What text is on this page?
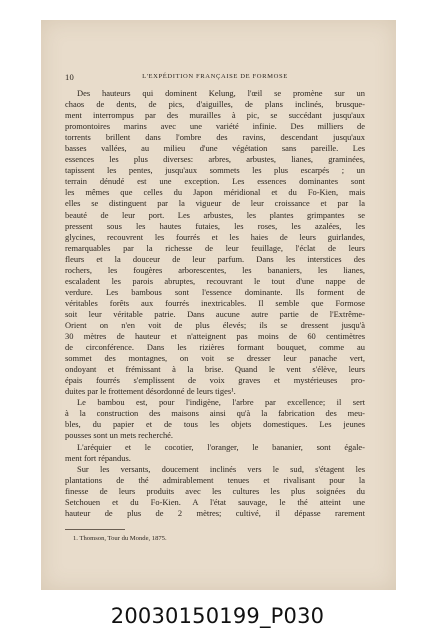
10	L'EXPÉDITION FRANÇAISE DE FORMOSE
Des hauteurs qui dominent Kelung, l'œil se promène sur un
chaos de dents, de pics, d'aiguilles, de plans inclinés, brusque-
ment interrompus par des murailles à pic, se succédant jusqu'aux
promontoires marins avec une variété infinie. Des milliers de
torrents brillent dans l'ombre des ravins, descendant jusqu'aux
basses vallées, au milieu d'une végétation sans pareille. Les
essences les plus diverses: arbres, arbustes, lianes, graminées,
tapissent les pentes, jusqu'aux sommets les plus escarpés ; un
terrain dénudé est une exception. Les essences dominantes sont
les mêmes que celles du Japon méridional et du Fo-Kien, mais
elles se distinguent par la vigueur de leur croissance et par la
beauté de leur port. Les arbustes, les plantes grimpantes se
pressent sous les hautes futaies, les roses, les azalées, les
glycines, recouvrent les fourrés et les haies de leurs guirlandes,
remarquables par la richesse de leur feuillage, l'éclat de leurs
fleurs et la douceur de leur parfum. Dans les interstices des
rochers, les fougères arborescentes, les bananiers, les lianes,
escaladent les parois abruptes, recouvrant le tout d'une nappe de
verdure. Les bambous sont l'essence dominante. Ils forment de
véritables forêts aux fourrés inextricables. Il semble que Formose
soit leur véritable patrie. Dans aucune autre partie de l'Extrême-
Orient on n'en voit de plus élevés; ils se dressent jusqu'à
30 mètres de hauteur et n'atteignent pas moins de 60 centimètres
de circonférence. Dans les rizières formant bouquet, comme au
sommet des montagnes, on voit se dresser leur panache vert,
ondoyant et frémissant à la brise. Quand le vent s'élève, leurs
épais fourrés s'emplissent de voix graves et mystérieuses pro-
duites par le frottement désordonné de leurs tiges¹.
Le bambou est, pour l'indigène, l'arbre par excellence; il sert
à la construction des maisons ainsi qu'à la fabrication des meu-
bles, du papier et de tous les objets domestiques. Les jeunes
pousses sont un mets recherché.
L'aréquier et le cocotier, l'oranger, le bananier, sont égale-
ment fort répandus.
Sur les versants, doucement inclinés vers le sud, s'étagent les
plantations de thé admirablement tenues et rivalisant pour la
finesse de leurs produits avec les cultures les plus soignées du
Setchouen et du Fo-Kien. A l'état sauvage, le thé atteint une
hauteur de plus de 2 mètres; cultivé, il dépasse rarement
1. Thomson, Tour du Monde, 1875.
20030150199_P030
